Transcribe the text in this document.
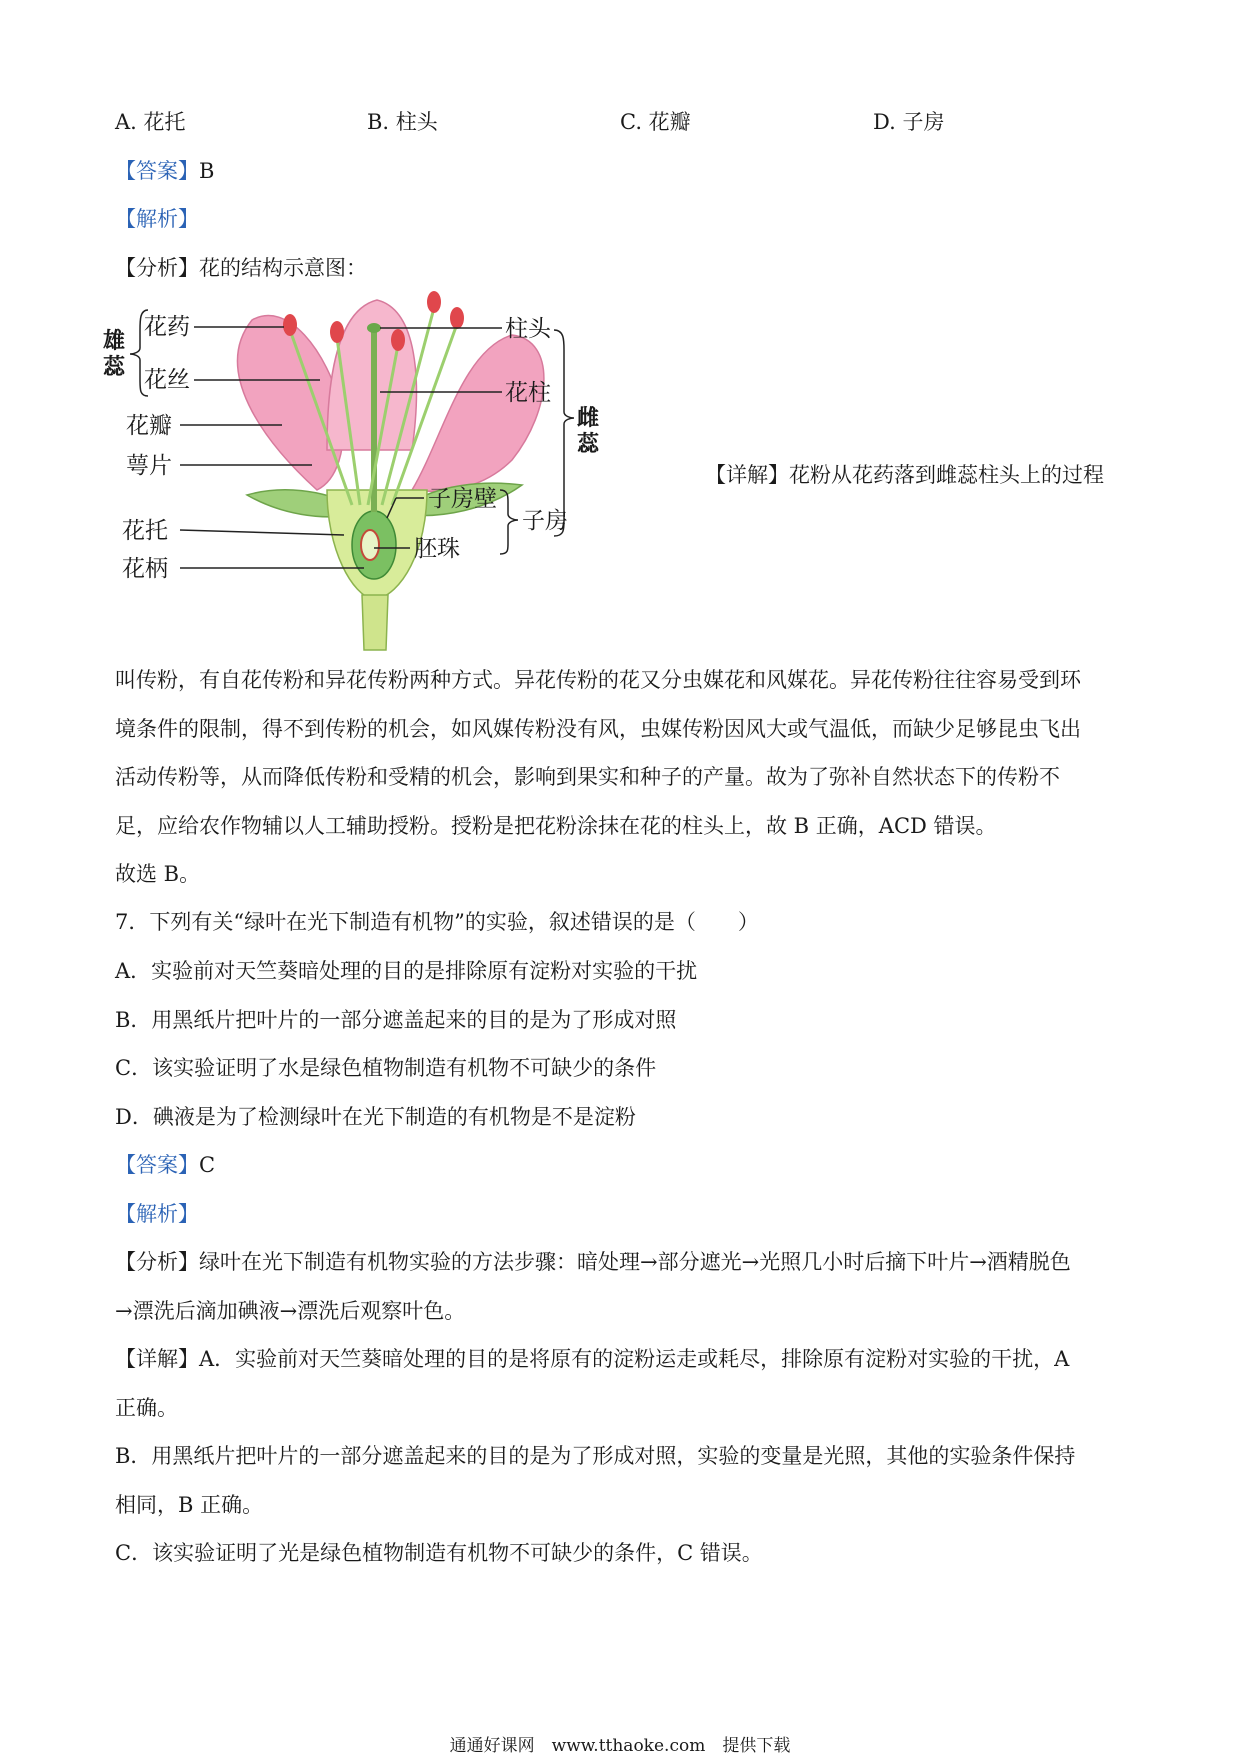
A. 花托	B. 柱头	C. 花瓣	D. 子房
【答案】B
【解析】
【分析】花的结构示意图：
花药
花丝
雄蕊
花瓣
萼片
花托
花柄
柱头
花柱
雌蕊
子房壁
胚珠
子房
【详解】花粉从花药落到雌蕊柱头上的过程
叫传粉，有自花传粉和异花传粉两种方式。异花传粉的花又分虫媒花和风媒花。异花传粉往往容易受到环
境条件的限制，得不到传粉的机会，如风媒传粉没有风，虫媒传粉因风大或气温低，而缺少足够昆虫飞出
活动传粉等，从而降低传粉和受精的机会，影响到果实和种子的产量。故为了弥补自然状态下的传粉不
足，应给农作物辅以人工辅助授粉。授粉是把花粉涂抹在花的柱头上，故 B 正确，ACD 错误。
故选 B。
7．下列有关“绿叶在光下制造有机物”的实验，叙述错误的是（　　）
A．实验前对天竺葵暗处理的目的是排除原有淀粉对实验的干扰
B．用黑纸片把叶片的一部分遮盖起来的目的是为了形成对照
C．该实验证明了水是绿色植物制造有机物不可缺少的条件
D．碘液是为了检测绿叶在光下制造的有机物是不是淀粉
【答案】C
【解析】
【分析】绿叶在光下制造有机物实验的方法步骤：暗处理→部分遮光→光照几小时后摘下叶片→酒精脱色
→漂洗后滴加碘液→漂洗后观察叶色。
【详解】A．实验前对天竺葵暗处理的目的是将原有的淀粉运走或耗尽，排除原有淀粉对实验的干扰，A
正确。
B．用黑纸片把叶片的一部分遮盖起来的目的是为了形成对照，实验的变量是光照，其他的实验条件保持
相同，B 正确。
C．该实验证明了光是绿色植物制造有机物不可缺少的条件，C 错误。
通通好课网　www.tthaoke.com　提供下载
